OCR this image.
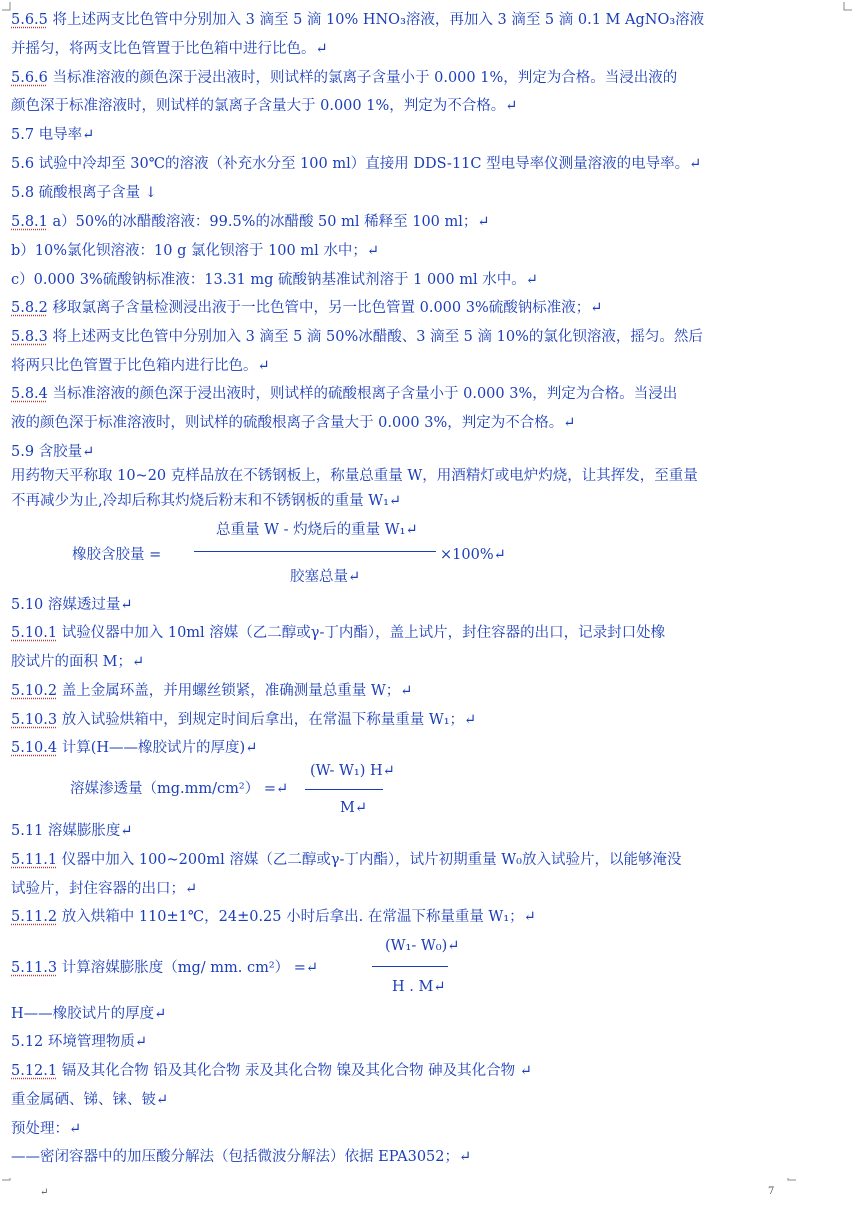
5.6.5 将上述两支比色管中分别加入 3 滴至 5 滴 10% HNO₃溶液，再加入 3 滴至 5 滴 0.1 M AgNO₃溶液
并摇匀，将两支比色管置于比色箱中进行比色。↵
5.6.6 当标准溶液的颜色深于浸出液时，则试样的氯离子含量小于 0.000 1%，判定为合格。当浸出液的
颜色深于标准溶液时，则试样的氯离子含量大于 0.000 1%，判定为不合格。↵
5.7 电导率↵
5.6 试验中冷却至 30℃的溶液（补充水分至 100 ml）直接用 DDS-11C 型电导率仪测量溶液的电导率。↵
5.8 硫酸根离子含量 ↓
5.8.1 a）50%的冰醋酸溶液：99.5%的冰醋酸 50 ml 稀释至 100 ml；↵
b）10%氯化钡溶液：10 g 氯化钡溶于 100 ml 水中；↵
c）0.000 3%硫酸钠标准液：13.31 mg 硫酸钠基准试剂溶于 1 000 ml 水中。↵
5.8.2 移取氯离子含量检测浸出液于一比色管中，另一比色管置 0.000 3%硫酸钠标准液；↵
5.8.3 将上述两支比色管中分别加入 3 滴至 5 滴 50%冰醋酸、3 滴至 5 滴 10%的氯化钡溶液，摇匀。然后
将两只比色管置于比色箱内进行比色。↵
5.8.4 当标准溶液的颜色深于浸出液时，则试样的硫酸根离子含量小于 0.000 3%，判定为合格。当浸出
液的颜色深于标准溶液时，则试样的硫酸根离子含量大于 0.000 3%，判定为不合格。↵
5.9 含胶量↵
用药物天平称取 10~20 克样品放在不锈钢板上，称量总重量 W，用酒精灯或电炉灼烧，让其挥发，至重量
不再减少为止,冷却后称其灼烧后粉末和不锈钢板的重量 W₁↵
橡胶含胶量 =
总重量 W - 灼烧后的重量 W₁↵
×100%↵
胶塞总量↵
5.10 溶媒透过量↵
5.10.1 试验仪器中加入 10ml 溶媒（乙二醇或γ-丁内酯），盖上试片，封住容器的出口，记录封口处橡
胶试片的面积 M；↵
5.10.2 盖上金属环盖，并用螺丝锁紧，准确测量总重量 W；↵
5.10.3 放入试验烘箱中，到规定时间后拿出，在常温下称量重量 W₁；↵
5.10.4 计算(H——橡胶试片的厚度)↵
溶媒渗透量（mg.mm/cm²） =↵
(W- W₁) H↵
M↵
5.11 溶媒膨胀度↵
5.11.1 仪器中加入 100~200ml 溶媒（乙二醇或γ-丁内酯），试片初期重量 W₀放入试验片，以能够淹没
试验片，封住容器的出口；↵
5.11.2 放入烘箱中 110±1℃，24±0.25 小时后拿出. 在常温下称量重量 W₁；↵
5.11.3 计算溶媒膨胀度（mg/ mm. cm²） =↵
(W₁- W₀)↵
H . M↵
H——橡胶试片的厚度↵
5.12 环境管理物质↵
5.12.1 镉及其化合物 铅及其化合物 汞及其化合物 镍及其化合物 砷及其化合物 ↵
重金属硒、锑、铼、铍↵
预处理：↵
——密闭容器中的加压酸分解法（包括微波分解法）依据 EPA3052；↵
↵	7
